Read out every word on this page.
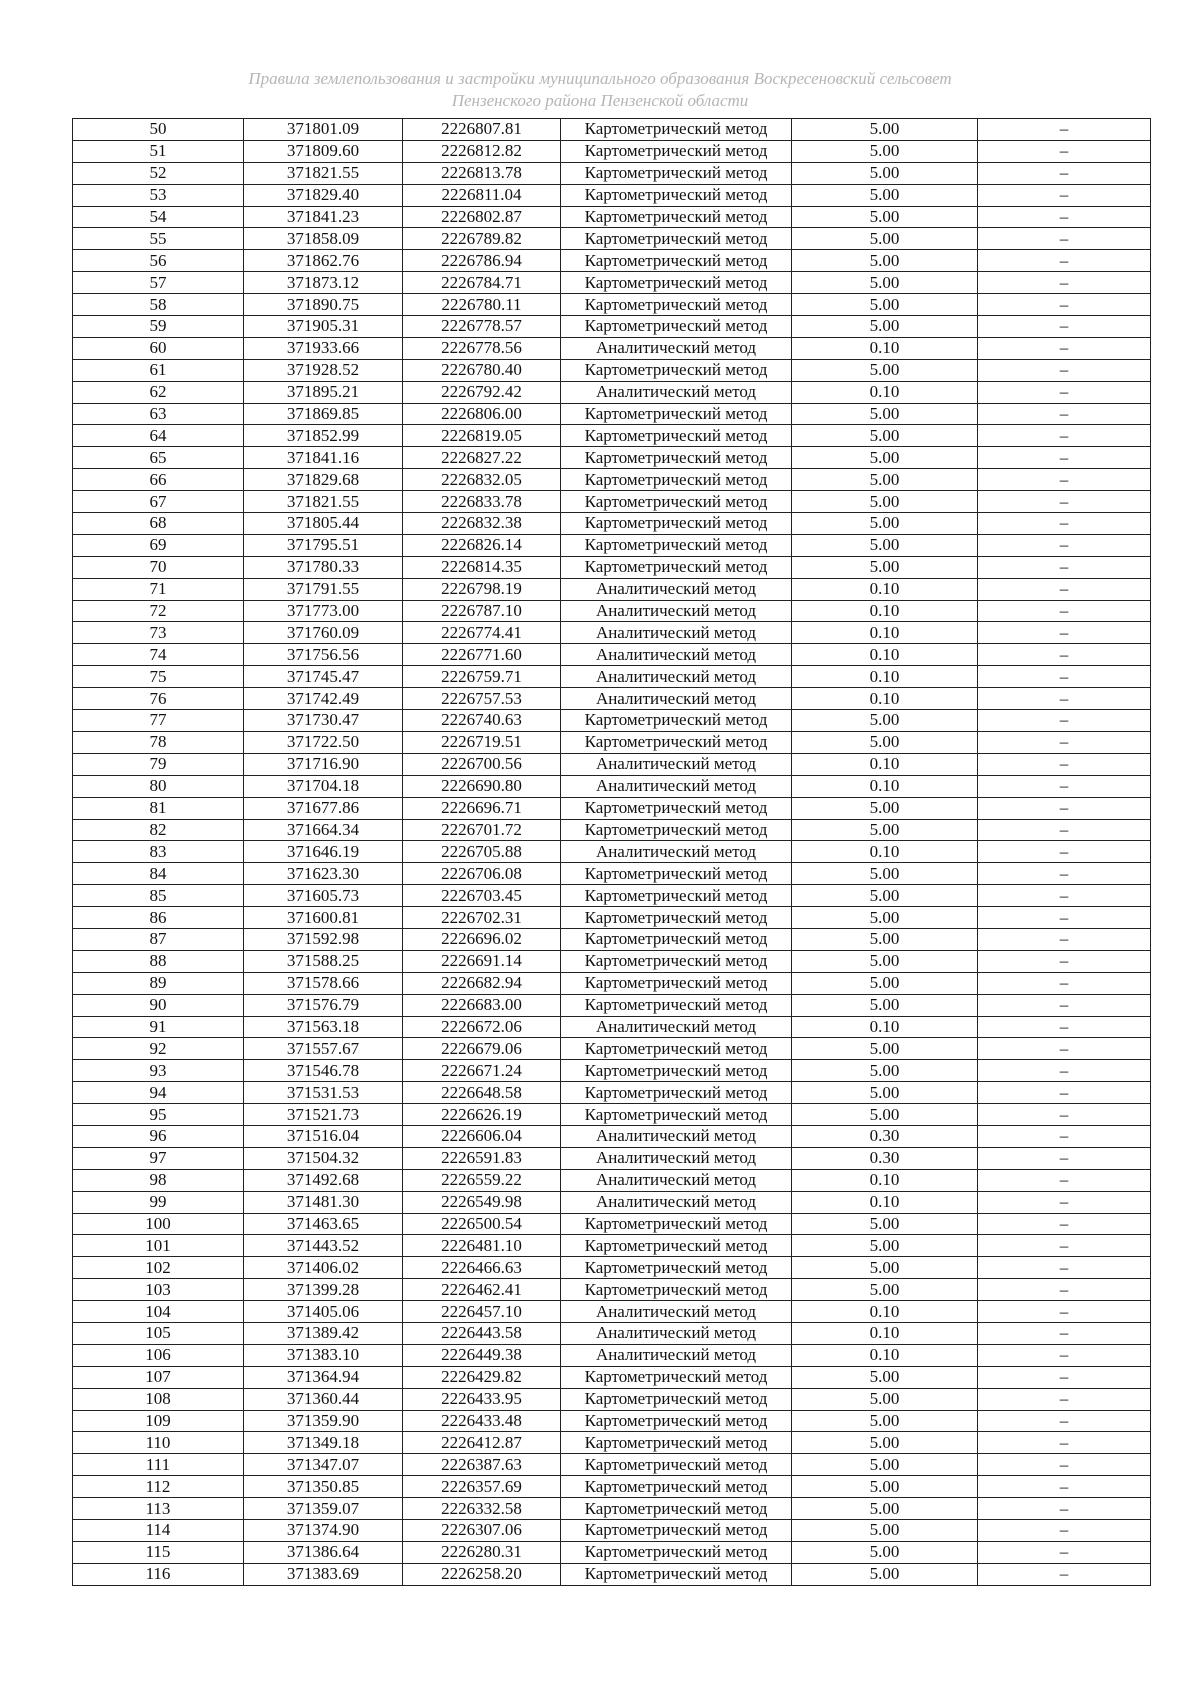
Правила землепользования и застройки муниципального образования Воскресеновский сельсовет
Пензенского района Пензенской области
50	371801.09	2226807.81	Картометрический метод	5.00	–
51	371809.60	2226812.82	Картометрический метод	5.00	–
52	371821.55	2226813.78	Картометрический метод	5.00	–
53	371829.40	2226811.04	Картометрический метод	5.00	–
54	371841.23	2226802.87	Картометрический метод	5.00	–
55	371858.09	2226789.82	Картометрический метод	5.00	–
56	371862.76	2226786.94	Картометрический метод	5.00	–
57	371873.12	2226784.71	Картометрический метод	5.00	–
58	371890.75	2226780.11	Картометрический метод	5.00	–
59	371905.31	2226778.57	Картометрический метод	5.00	–
60	371933.66	2226778.56	Аналитический метод	0.10	–
61	371928.52	2226780.40	Картометрический метод	5.00	–
62	371895.21	2226792.42	Аналитический метод	0.10	–
63	371869.85	2226806.00	Картометрический метод	5.00	–
64	371852.99	2226819.05	Картометрический метод	5.00	–
65	371841.16	2226827.22	Картометрический метод	5.00	–
66	371829.68	2226832.05	Картометрический метод	5.00	–
67	371821.55	2226833.78	Картометрический метод	5.00	–
68	371805.44	2226832.38	Картометрический метод	5.00	–
69	371795.51	2226826.14	Картометрический метод	5.00	–
70	371780.33	2226814.35	Картометрический метод	5.00	–
71	371791.55	2226798.19	Аналитический метод	0.10	–
72	371773.00	2226787.10	Аналитический метод	0.10	–
73	371760.09	2226774.41	Аналитический метод	0.10	–
74	371756.56	2226771.60	Аналитический метод	0.10	–
75	371745.47	2226759.71	Аналитический метод	0.10	–
76	371742.49	2226757.53	Аналитический метод	0.10	–
77	371730.47	2226740.63	Картометрический метод	5.00	–
78	371722.50	2226719.51	Картометрический метод	5.00	–
79	371716.90	2226700.56	Аналитический метод	0.10	–
80	371704.18	2226690.80	Аналитический метод	0.10	–
81	371677.86	2226696.71	Картометрический метод	5.00	–
82	371664.34	2226701.72	Картометрический метод	5.00	–
83	371646.19	2226705.88	Аналитический метод	0.10	–
84	371623.30	2226706.08	Картометрический метод	5.00	–
85	371605.73	2226703.45	Картометрический метод	5.00	–
86	371600.81	2226702.31	Картометрический метод	5.00	–
87	371592.98	2226696.02	Картометрический метод	5.00	–
88	371588.25	2226691.14	Картометрический метод	5.00	–
89	371578.66	2226682.94	Картометрический метод	5.00	–
90	371576.79	2226683.00	Картометрический метод	5.00	–
91	371563.18	2226672.06	Аналитический метод	0.10	–
92	371557.67	2226679.06	Картометрический метод	5.00	–
93	371546.78	2226671.24	Картометрический метод	5.00	–
94	371531.53	2226648.58	Картометрический метод	5.00	–
95	371521.73	2226626.19	Картометрический метод	5.00	–
96	371516.04	2226606.04	Аналитический метод	0.30	–
97	371504.32	2226591.83	Аналитический метод	0.30	–
98	371492.68	2226559.22	Аналитический метод	0.10	–
99	371481.30	2226549.98	Аналитический метод	0.10	–
100	371463.65	2226500.54	Картометрический метод	5.00	–
101	371443.52	2226481.10	Картометрический метод	5.00	–
102	371406.02	2226466.63	Картометрический метод	5.00	–
103	371399.28	2226462.41	Картометрический метод	5.00	–
104	371405.06	2226457.10	Аналитический метод	0.10	–
105	371389.42	2226443.58	Аналитический метод	0.10	–
106	371383.10	2226449.38	Аналитический метод	0.10	–
107	371364.94	2226429.82	Картометрический метод	5.00	–
108	371360.44	2226433.95	Картометрический метод	5.00	–
109	371359.90	2226433.48	Картометрический метод	5.00	–
110	371349.18	2226412.87	Картометрический метод	5.00	–
111	371347.07	2226387.63	Картометрический метод	5.00	–
112	371350.85	2226357.69	Картометрический метод	5.00	–
113	371359.07	2226332.58	Картометрический метод	5.00	–
114	371374.90	2226307.06	Картометрический метод	5.00	–
115	371386.64	2226280.31	Картометрический метод	5.00	–
116	371383.69	2226258.20	Картометрический метод	5.00	–
